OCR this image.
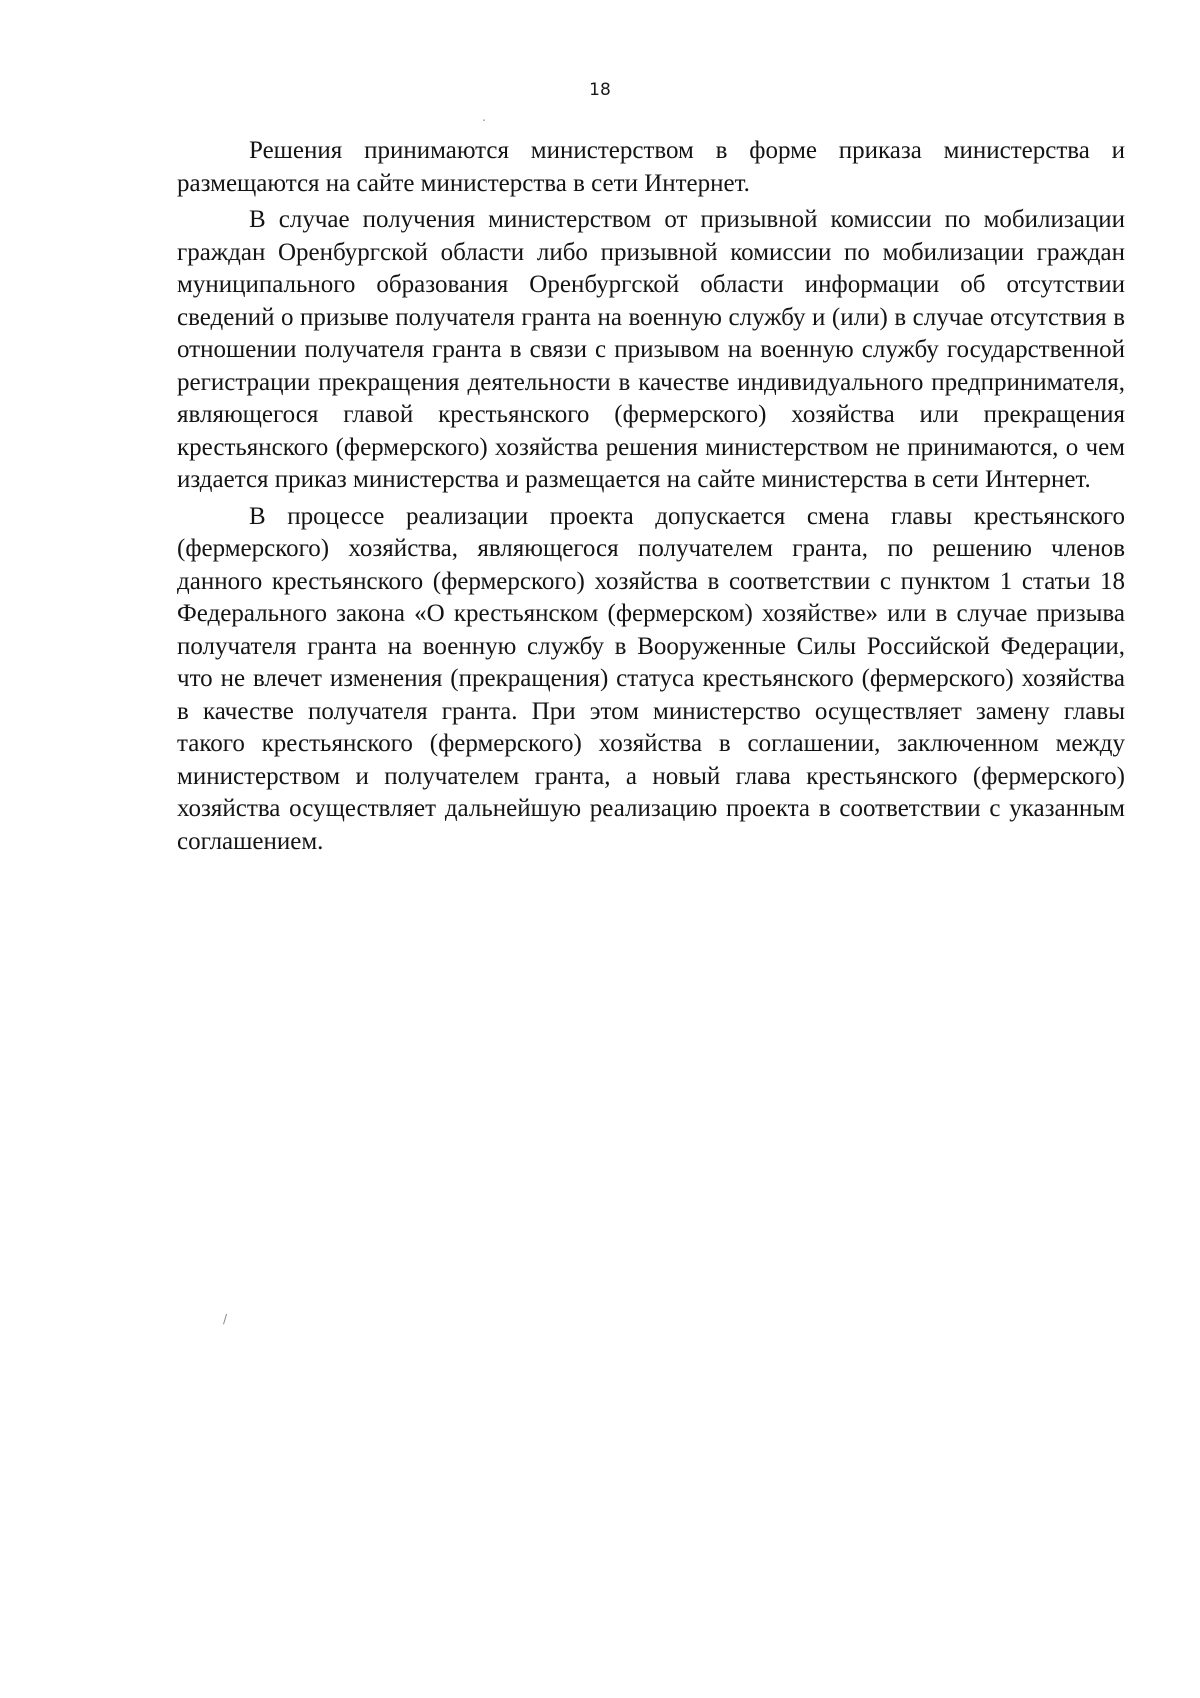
18
.

Решения принимаются министерством в форме приказа министерства и размещаются на сайте министерства в сети Интернет.

В случае получения министерством от призывной комиссии по мобилизации граждан Оренбургской области либо призывной комиссии по мобилизации граждан муниципального образования Оренбургской области информации об отсутствии сведений о призыве получателя гранта на военную службу и (или) в случае отсутствия в отношении получателя гранта в связи с призывом на военную службу государственной регистрации прекращения деятельности в качестве индивидуального предпринимателя, являющегося главой крестьянского (фермерского) хозяйства или прекращения крестьянского (фермерского) хозяйства решения министерством не принимаются, о чем издается приказ министерства и размещается на сайте министерства в сети Интернет.

В процессе реализации проекта допускается смена главы крестьянского (фермерского) хозяйства, являющегося получателем гранта, по решению членов данного крестьянского (фермерского) хозяйства в соответствии с пунктом 1 статьи 18 Федерального закона «О крестьянском (фермерском) хозяйстве» или в случае призыва получателя гранта на военную службу в Вооруженные Силы Российской Федерации, что не влечет изменения (прекращения) статуса крестьянского (фермерского) хозяйства в качестве получателя гранта. При этом министерство осуществляет замену главы такого крестьянского (фермерского) хозяйства в соглашении, заключенном между министерством и получателем гранта, а новый глава крестьянского (фермерского) хозяйства осуществляет дальнейшую реализацию проекта в соответствии с указанным соглашением.

/
